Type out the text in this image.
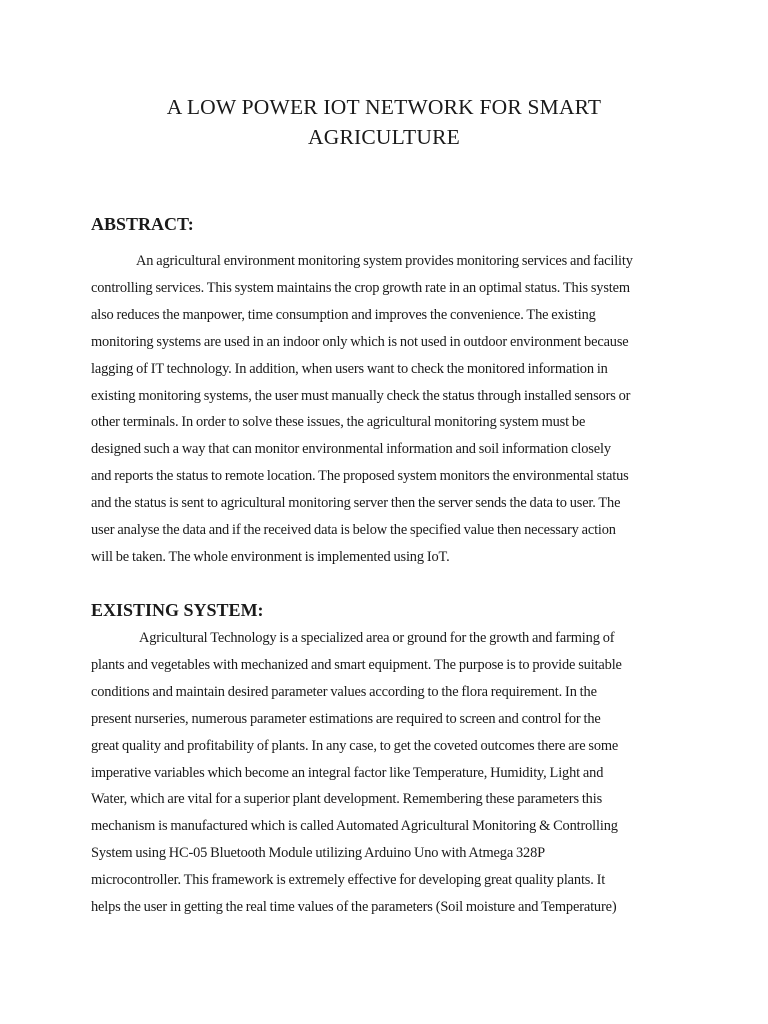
A LOW POWER IOT NETWORK FOR SMART
AGRICULTURE
ABSTRACT:
An agricultural environment monitoring system provides monitoring services and facility
controlling services. This system maintains the crop growth rate in an optimal status. This system
also reduces the manpower, time consumption and improves the convenience. The existing
monitoring systems are used in an indoor only which is not used in outdoor environment because
lagging of IT technology. In addition, when users want to check the monitored information in
existing monitoring systems, the user must manually check the status through installed sensors or
other terminals. In order to solve these issues, the agricultural monitoring system must be
designed such a way that can monitor environmental information and soil information closely
and reports the status to remote location. The proposed system monitors the environmental status
and the status is sent to agricultural monitoring server then the server sends the data to user. The
user analyse the data and if the received data is below the specified value then necessary action
will be taken. The whole environment is implemented using IoT.
EXISTING SYSTEM:
Agricultural Technology is a specialized area or ground for the growth and farming of
plants and vegetables with mechanized and smart equipment. The purpose is to provide suitable
conditions and maintain desired parameter values according to the flora requirement. In the
present nurseries, numerous parameter estimations are required to screen and control for the
great quality and profitability of plants. In any case, to get the coveted outcomes there are some
imperative variables which become an integral factor like Temperature, Humidity, Light and
Water, which are vital for a superior plant development. Remembering these parameters this
mechanism is manufactured which is called Automated Agricultural Monitoring & Controlling
System using HC-05 Bluetooth Module utilizing Arduino Uno with Atmega 328P
microcontroller. This framework is extremely effective for developing great quality plants. It
helps the user in getting the real time values of the parameters (Soil moisture and Temperature)
